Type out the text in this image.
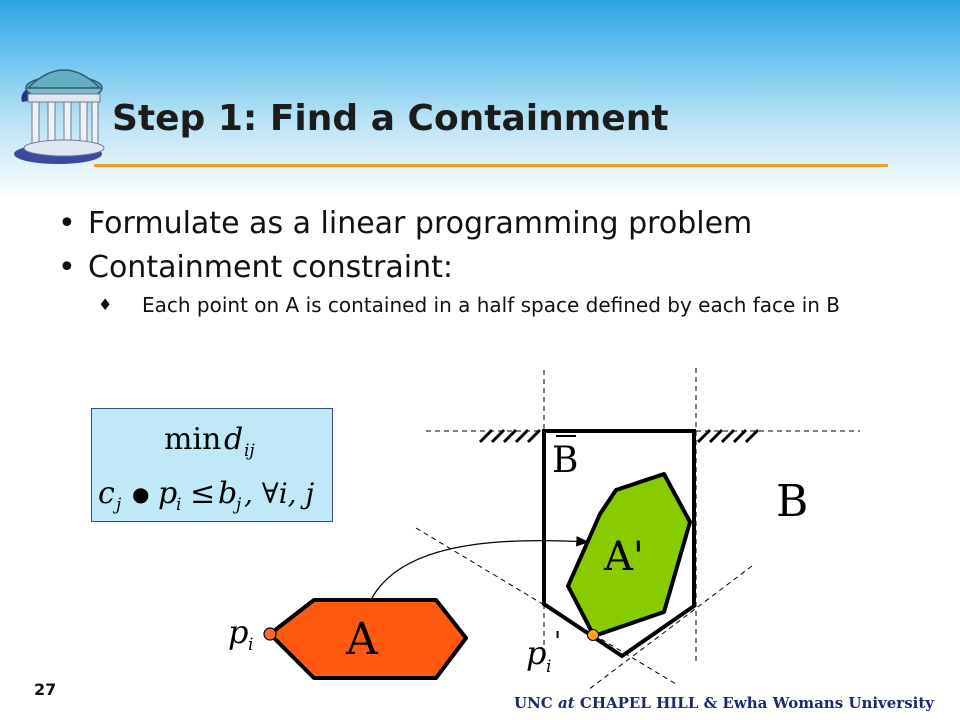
Step 1: Find a Containment
• Formulate as a linear programming problem
• Containment constraint:
♦ Each point on A is contained in a half space defined by each face in B
min d ij
c j ● p
i ≤ b
j , ∀i, j
B
B
A'
A
p i	p i
'
27
UNC at CHAPEL HILL & Ewha Womans University
